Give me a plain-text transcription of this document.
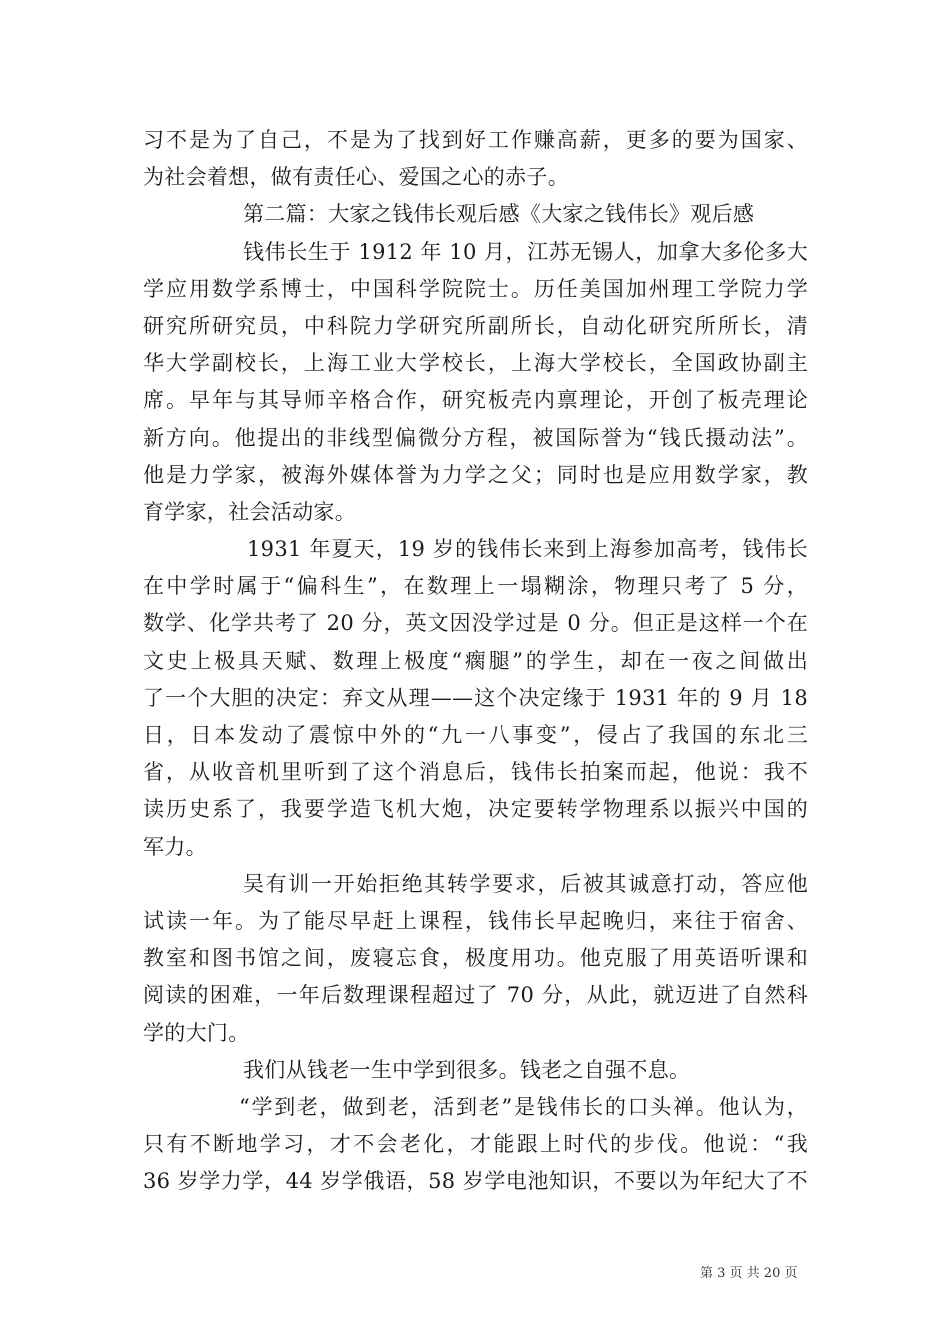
习不是为了自己，不是为了找到好工作赚高薪，更多的要为国家、
为社会着想，做有责任心、爱国之心的赤子。
第二篇：大家之钱伟长观后感《大家之钱伟长》观后感
钱伟长生于 1912 年 10 月，江苏无锡人，加拿大多伦多大
学应用数学系博士，中国科学院院士。历任美国加州理工学院力学
研究所研究员，中科院力学研究所副所长，自动化研究所所长，清
华大学副校长，上海工业大学校长，上海大学校长，全国政协副主
席。早年与其导师辛格合作，研究板壳内禀理论，开创了板壳理论
新方向。他提出的非线型偏微分方程，被国际誉为“钱氏摄动法”。
他是力学家，被海外媒体誉为力学之父；同时也是应用数学家，教
育学家，社会活动家。
1931 年夏天，19 岁的钱伟长来到上海参加高考，钱伟长
在中学时属于“偏科生”，在数理上一塌糊涂，物理只考了 5 分，
数学、化学共考了 20 分，英文因没学过是 0 分。但正是这样一个在
文史上极具天赋、数理上极度“瘸腿”的学生，却在一夜之间做出
了一个大胆的决定：弃文从理——这个决定缘于 1931 年的 9 月 18
日，日本发动了震惊中外的“九一八事变”，侵占了我国的东北三
省，从收音机里听到了这个消息后，钱伟长拍案而起，他说：我不
读历史系了，我要学造飞机大炮，决定要转学物理系以振兴中国的
军力。
吴有训一开始拒绝其转学要求，后被其诚意打动，答应他
试读一年。为了能尽早赶上课程，钱伟长早起晚归，来往于宿舍、
教室和图书馆之间，废寝忘食，极度用功。他克服了用英语听课和
阅读的困难，一年后数理课程超过了 70 分，从此，就迈进了自然科
学的大门。
我们从钱老一生中学到很多。钱老之自强不息。
“学到老，做到老，活到老”是钱伟长的口头禅。他认为，
只有不断地学习，才不会老化，才能跟上时代的步伐。他说：“我
36 岁学力学，44 岁学俄语，58 岁学电池知识，不要以为年纪大了不
第 3 页 共 20 页
